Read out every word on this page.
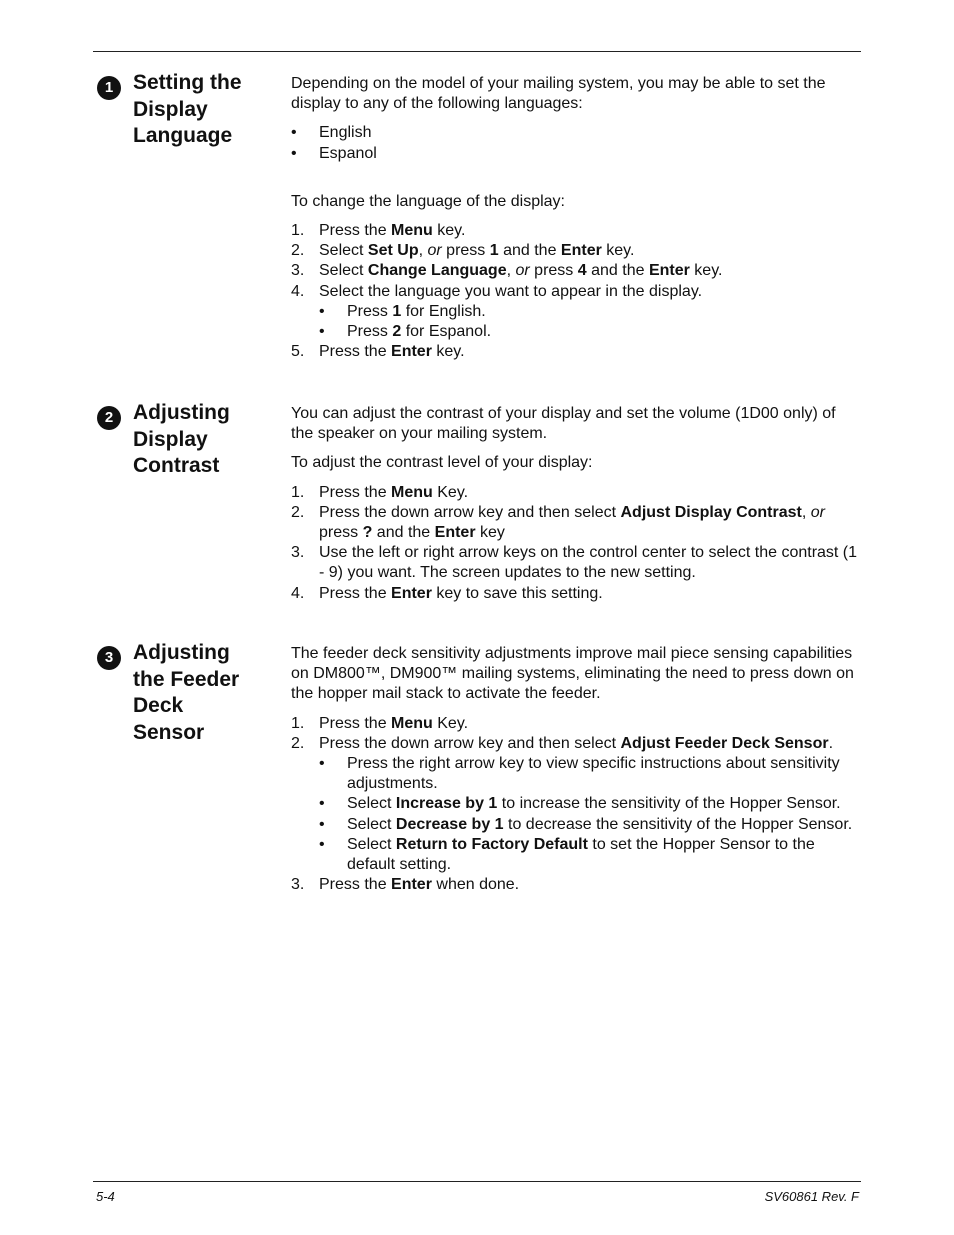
1 Setting the
Display
Language

Depending on the model of your mailing system, you may be able to set the display to any of the following languages:

• English
• Espanol

To change the language of the display:

1. Press the Menu key.
2. Select Set Up, or press 1 and the Enter key.
3. Select Change Language, or press 4 and the Enter key.
4. Select the language you want to appear in the display.
• Press 1 for English.
• Press 2 for Espanol.
5. Press the Enter key.
2 Adjusting
Display
Contrast

You can adjust the contrast of your display and set the volume (1D00 only) of the speaker on your mailing system.

To adjust the contrast level of your display:

1. Press the Menu Key.
2. Press the down arrow key and then select Adjust Display Contrast, or press ? and the Enter key
3. Use the left or right arrow keys on the control center to select the contrast (1 - 9) you want. The screen updates to the new setting.
4. Press the Enter key to save this setting.
3 Adjusting
the Feeder
Deck
Sensor

The feeder deck sensitivity adjustments improve mail piece sensing capabilities on DM800™, DM900™ mailing systems, eliminating the need to press down on the hopper mail stack to activate the feeder.

1. Press the Menu Key.
2. Press the down arrow key and then select Adjust Feeder Deck Sensor.
• Press the right arrow key to view specific instructions about sensitivity adjustments.
• Select Increase by 1 to increase the sensitivity of the Hopper Sensor.
• Select Decrease by 1 to decrease the sensitivity of the Hopper Sensor.
• Select Return to Factory Default to set the Hopper Sensor to the default setting.
3. Press the Enter when done.
5-4	SV60861 Rev. F
